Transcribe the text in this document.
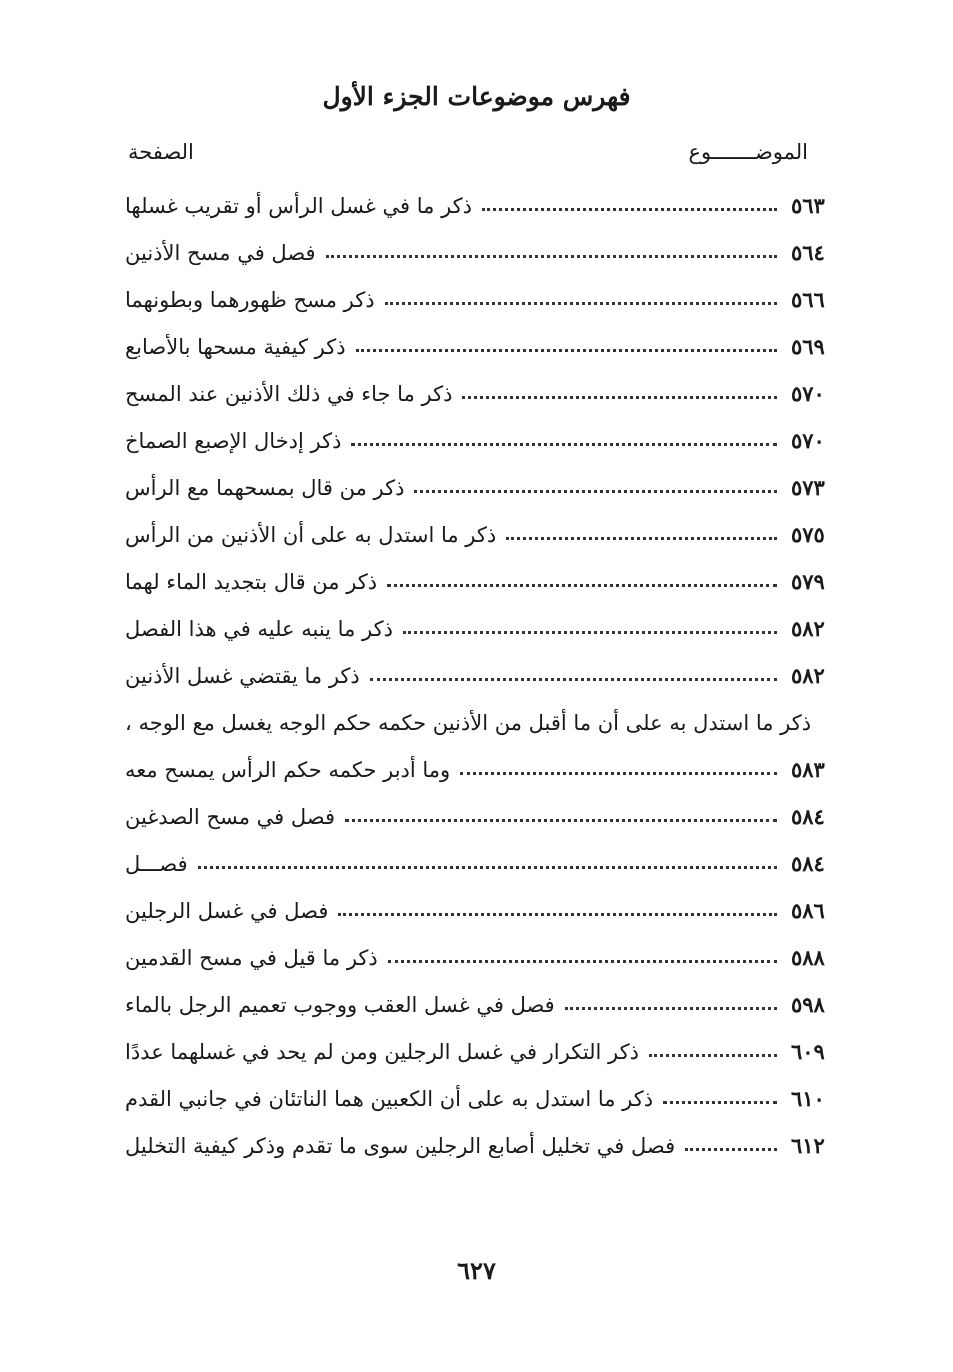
فهرس موضوعات الجزء الأول
الموضـــــــوع
الصفحة
ذكر ما في غسل الرأس أو تقريب غسلها	٥٦٣
فصل في مسح الأذنين	٥٦٤
ذكر مسح ظهورهما وبطونهما	٥٦٦
ذكر كيفية مسحها بالأصابع	٥٦٩
ذكر ما جاء في ذلك الأذنين عند المسح	٥٧٠
ذكر إدخال الإصبع الصماخ	٥٧٠
ذكر من قال بمسحهما مع الرأس	٥٧٣
ذكر ما استدل به على أن الأذنين من الرأس	٥٧٥
ذكر من قال بتجديد الماء لهما	٥٧٩
ذكر ما ينبه عليه في هذا الفصل	٥٨٢
ذكر ما يقتضي غسل الأذنين	٥٨٢
ذكر ما استدل به على أن ما أقبل من الأذنين حكمه حكم الوجه يغسل مع الوجه ،
وما أدبر حكمه حكم الرأس يمسح معه	٥٨٣
فصل في مسح الصدغين	٥٨٤
فصـــل	٥٨٤
فصل في غسل الرجلين	٥٨٦
ذكر ما قيل في مسح القدمين	٥٨٨
فصل في غسل العقب ووجوب تعميم الرجل بالماء	٥٩٨
ذكر التكرار في غسل الرجلين ومن لم يحد في غسلهما عددًا	٦٠٩
ذكر ما استدل به على أن الكعبين هما الناتئان في جانبي القدم	٦١٠
فصل في تخليل أصابع الرجلين سوى ما تقدم وذكر كيفية التخليل	٦١٢
٦٢٧
